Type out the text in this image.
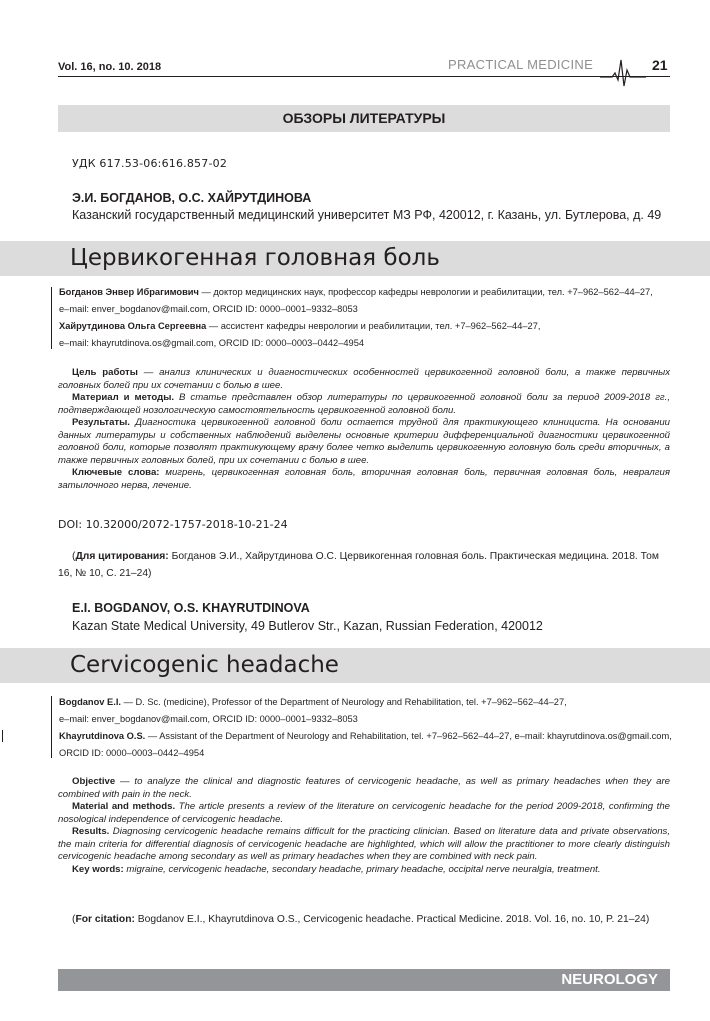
Vol. 16, no. 10. 2018	PRACTICAL MEDICINE	21
ОБЗОРЫ ЛИТЕРАТУРЫ
УДК 617.53-06:616.857-02
Э.И. БОГДАНОВ, О.С. ХАЙРУТДИНОВА
Казанский государственный медицинский университет МЗ РФ, 420012, г. Казань, ул. Бутлерова, д. 49
Цервикогенная головная боль
Богданов Энвер Ибрагимович — доктор медицинских наук, профессор кафедры неврологии и реабилитации, тел. +7–962–562–44–27,
e–mail: enver_bogdanov@mail.com, ORCID ID: 0000–0001–9332–8053
Хайрутдинова Ольга Сергеевна — ассистент кафедры неврологии и реабилитации, тел. +7–962–562–44–27,
e–mail: khayrutdinova.os@gmail.com, ORCID ID: 0000–0003–0442–4954

Цель работы — анализ клинических и диагностических особенностей цервикогенной головной боли, а также первичных головных болей при их сочетании с болью в шее.

Материал и методы. В статье представлен обзор литературы по цервикогенной головной боли за период 2009-2018 гг., подтверждающей нозологическую самостоятельность цервикогенной головной боли.

Результаты. Диагностика цервикогенной головной боли остается трудной для практикующего клинициста. На основании данных литературы и собственных наблюдений выделены основные критерии дифференциальной диагностики цервикогенной головной боли, которые позволят практикующему врачу более четко выделить цервикогенную головную боль среди вторичных, а также первичных головных болей, при их сочетании с болью в шее.

Ключевые слова: мигрень, цервикогенная головная боль, вторичная головная боль, первичная головная боль, невралгия затылочного нерва, лечение.

DOI: 10.32000/2072-1757-2018-10-21-24

(Для цитирования: Богданов Э.И., Хайрутдинова О.С. Цервикогенная головная боль. Практическая медицина. 2018. Том 16, № 10, С. 21–24)

E.I. BOGDANOV, O.S. KHAYRUTDINOVA
Kazan State Medical University, 49 Butlerov Str., Kazan, Russian Federation, 420012
Cervicogenic headache
Bogdanov E.I. — D. Sc. (medicine), Professor of the Department of Neurology and Rehabilitation, tel. +7–962–562–44–27,
e–mail: enver_bogdanov@mail.com, ORCID ID: 0000–0001–9332–8053
Khayrutdinova O.S. — Assistant of the Department of Neurology and Rehabilitation, tel. +7–962–562–44–27, e–mail: khayrutdinova.os@gmail.com,
ORCID ID: 0000–0003–0442–4954

Objective — to analyze the clinical and diagnostic features of cervicogenic headache, as well as primary headaches when they are combined with pain in the neck.

Material and methods. The article presents a review of the literature on cervicogenic headache for the period 2009-2018, confirming the nosological independence of cervicogenic headache.

Results. Diagnosing cervicogenic headache remains difficult for the practicing clinician. Based on literature data and private observations, the main criteria for differential diagnosis of cervicogenic headache are highlighted, which will allow the practitioner to more clearly distinguish cervicogenic headache among secondary as well as primary headaches when they are combined with neck pain.

Key words: migraine, cervicogenic headache, secondary headache, primary headache, occipital nerve neuralgia, treatment.

(For citation: Bogdanov E.I., Khayrutdinova O.S., Cervicogenic headache. Practical Medicine. 2018. Vol. 16, no. 10, P. 21–24)

NEUROLOGY
